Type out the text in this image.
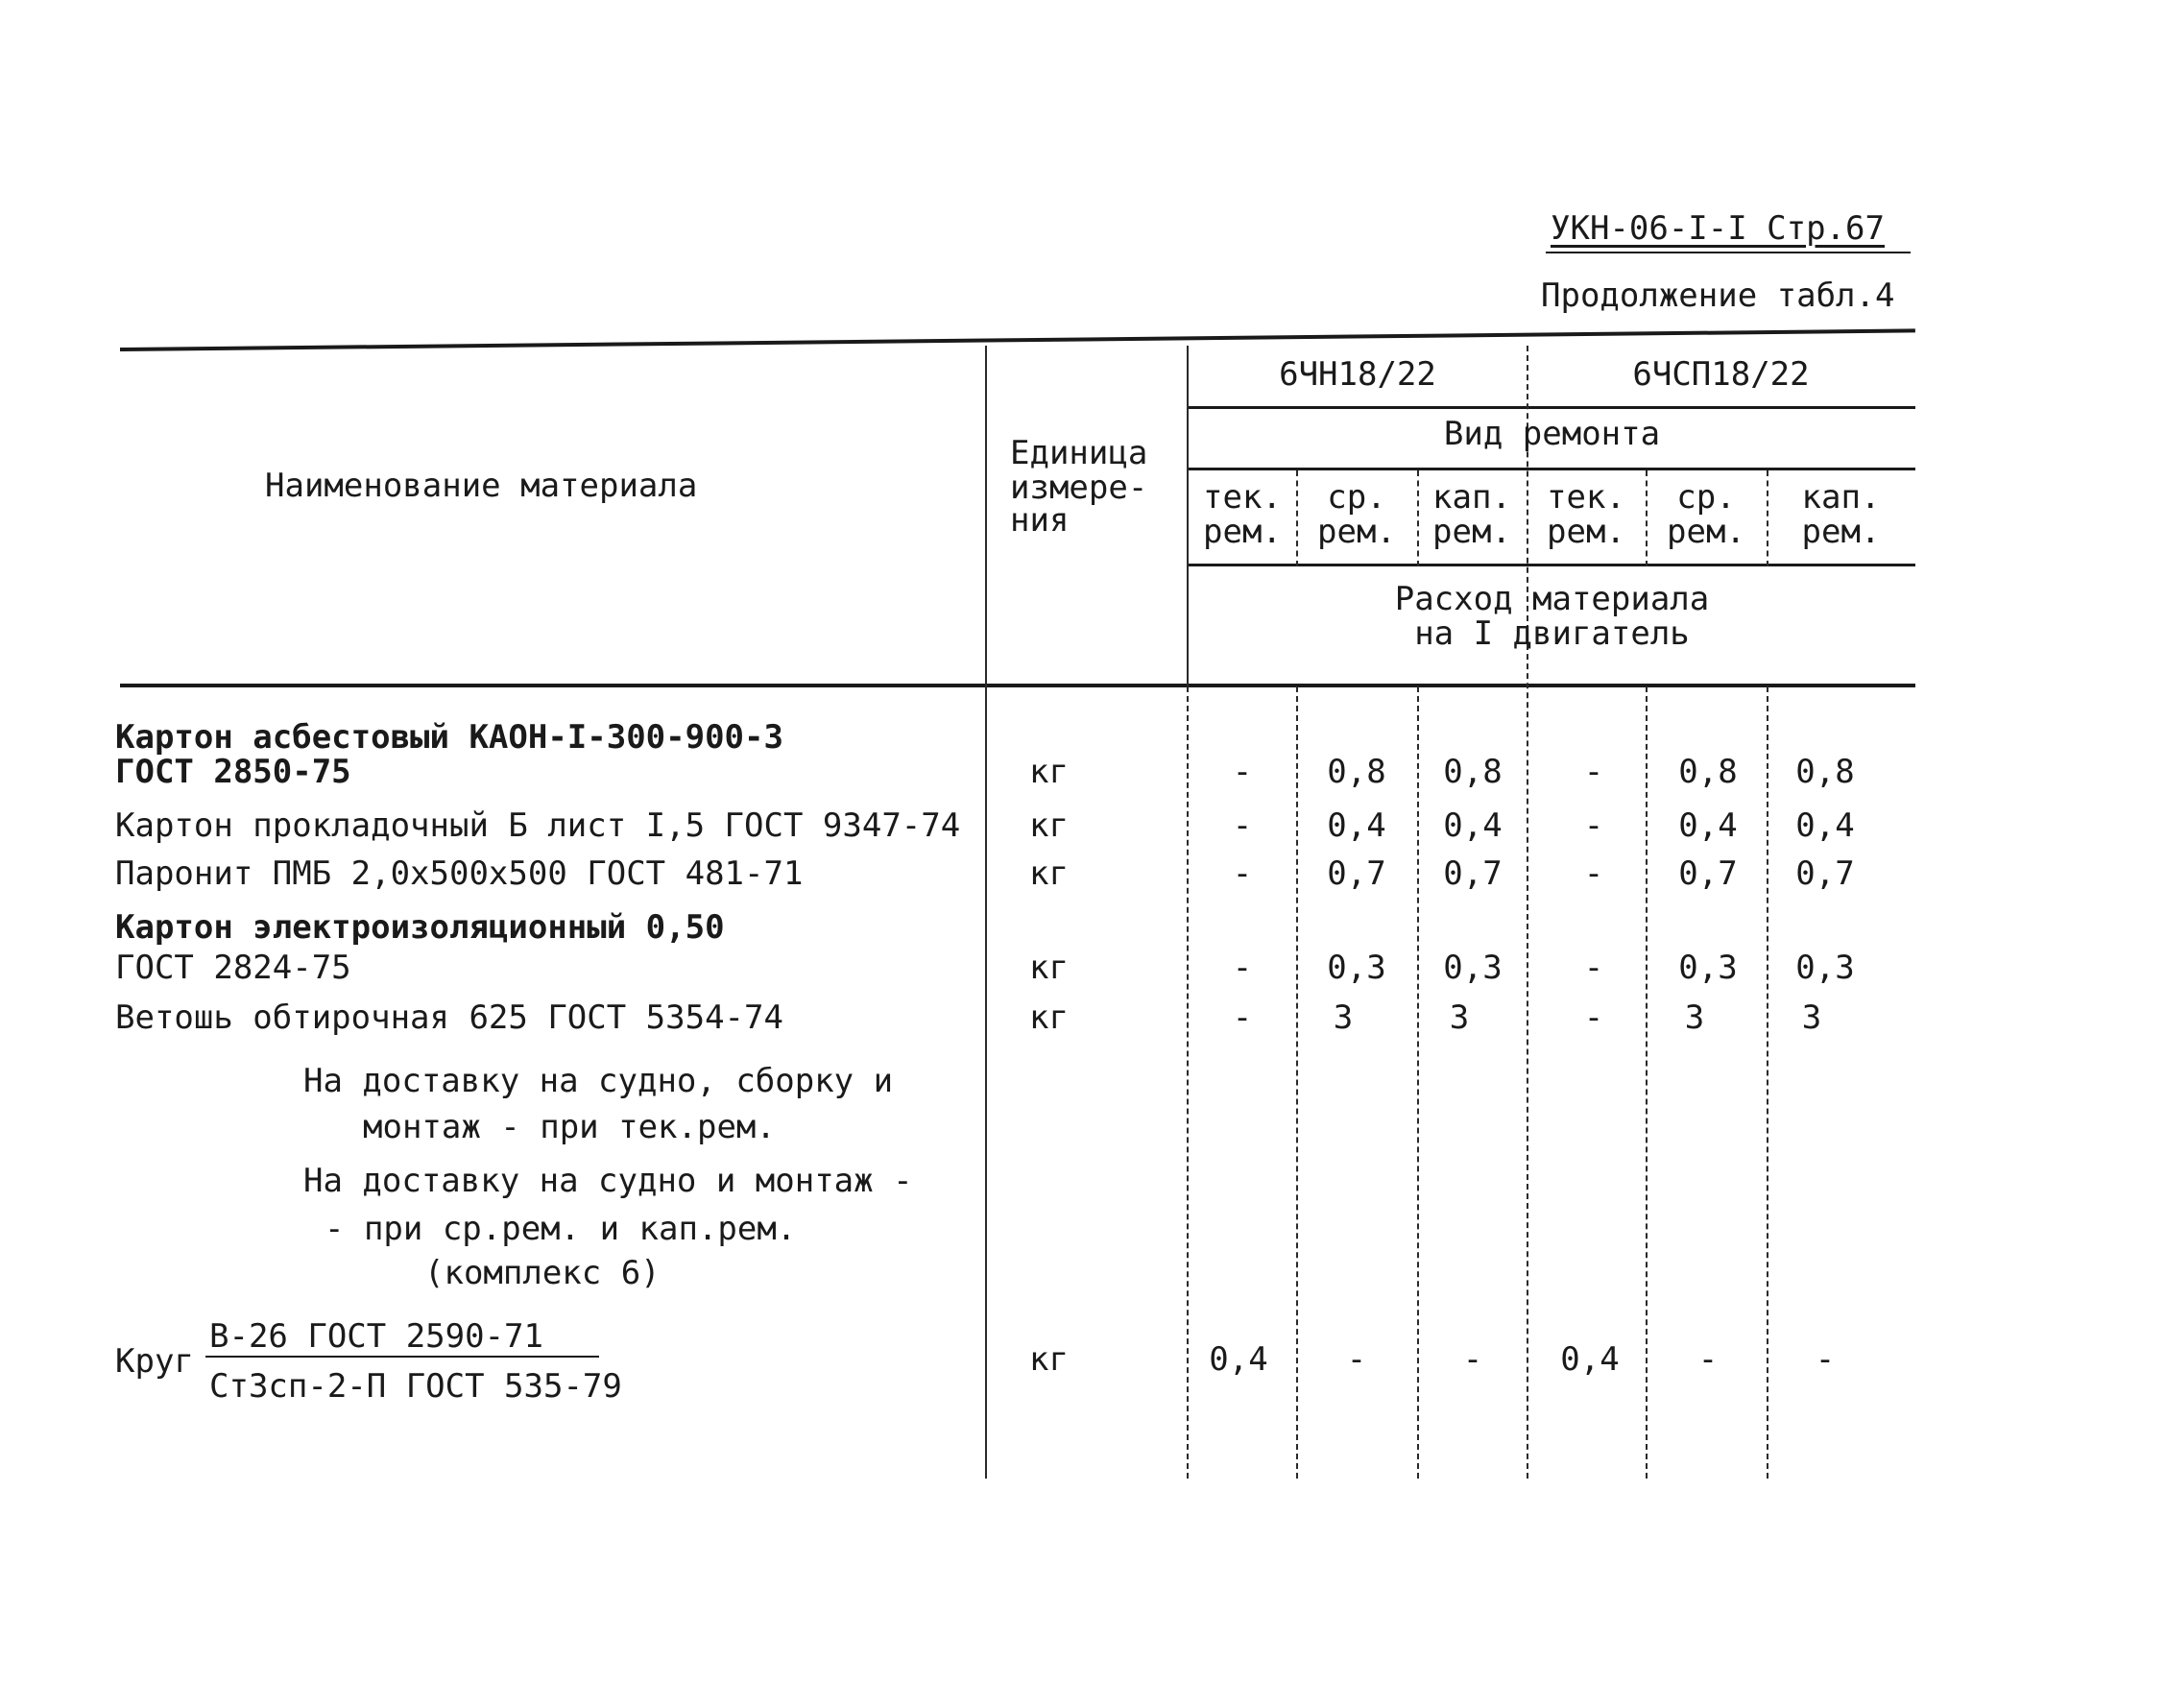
УКН-06-I-I Стр.67
Продолжение табл.4
Наименование материала
Единица
измере-
ния
6ЧН18/22	6ЧСП18/22
Вид ремонта
тек.
рем.
ср.
рем.
кап.
рем.
тек.
рем.
ср.
рем.
кап.
рем.
Расход материала
на I двигатель
Картон асбестовый КАОН-I-300-900-3
ГОСТ 2850-75	кг	-	0,8	0,8	-	0,8	0,8
Картон прокладочный Б лист I,5 ГОСТ 9347-74 кг	-	0,4	0,4	-	0,4	0,4
Паронит ПМБ 2,0х500х500 ГОСТ 481-71	кг	-	0,7	0,7	-	0,7	0,7
Картон электроизоляционный 0,50
ГОСТ 2824-75	кг	-	0,3	0,3	-	0,3	0,3
Ветошь обтирочная 625 ГОСТ 5354-74	кг	-	3	3	-	3	3
На доставку на судно, сборку и
монтаж - при тек.рем.
На доставку на судно и монтаж -
- при ср.рем. и кап.рем.
(комплекс 6)
Круг
В-26 ГОСТ 2590-71
Ст3сп-2-П ГОСТ 535-79
кг	0,4	-	-	0,4	-	-
